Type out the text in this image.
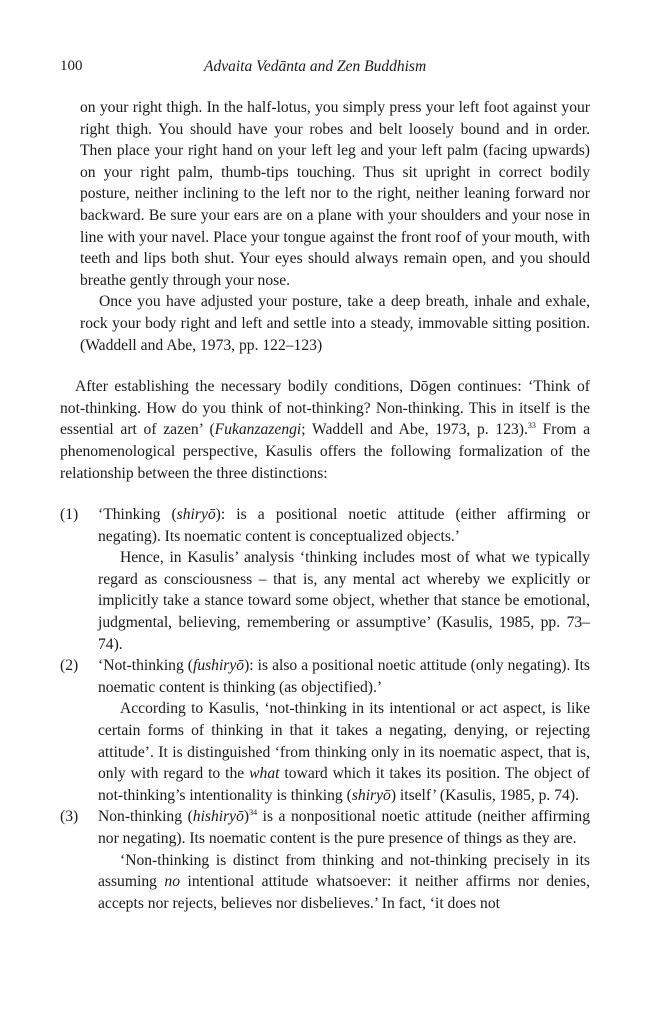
100	Advaita Vedānta and Zen Buddhism

on your right thigh. In the half-lotus, you simply press your left foot against your right thigh. You should have your robes and belt loosely bound and in order. Then place your right hand on your left leg and your left palm (facing upwards) on your right palm, thumb-tips touching. Thus sit upright in correct bodily posture, neither inclining to the left nor to the right, neither leaning forward nor backward. Be sure your ears are on a plane with your shoulders and your nose in line with your navel. Place your tongue against the front roof of your mouth, with teeth and lips both shut. Your eyes should always remain open, and you should breathe gently through your nose.

Once you have adjusted your posture, take a deep breath, inhale and exhale, rock your body right and left and settle into a steady, immovable sitting position. (Waddell and Abe, 1973, pp. 122–123)

After establishing the necessary bodily conditions, Dōgen continues: ‘Think of not-thinking. How do you think of not-thinking? Non-thinking. This in itself is the essential art of zazen’ (Fukanzazengi; Waddell and Abe, 1973, p. 123).$^{33}$ From a phenomenological perspective, Kasulis offers the following formalization of the relationship between the three distinctions:

(1) ‘Thinking (shiryō): is a positional noetic attitude (either affirming or negating). Its noematic content is conceptualized objects.’

Hence, in Kasulis’ analysis ‘thinking includes most of what we typically regard as consciousness – that is, any mental act whereby we explicitly or implicitly take a stance toward some object, whether that stance be emotional, judgmental, believing, remembering or assumptive’ (Kasulis, 1985, pp. 73–74).

(2) ‘Not-thinking (fushiryō): is also a positional noetic attitude (only negating). Its noematic content is thinking (as objectified).’

According to Kasulis, ‘not-thinking in its intentional or act aspect, is like certain forms of thinking in that it takes a negating, denying, or rejecting attitude’. It is distinguished ‘from thinking only in its noematic aspect, that is, only with regard to the what toward which it takes its position. The object of not-thinking’s intentionality is thinking (shiryō) itself’ (Kasulis, 1985, p. 74).

(3) Non-thinking (hishiryō)$^{34}$ is a nonpositional noetic attitude (neither affirming nor negating). Its noematic content is the pure presence of things as they are.

‘Non-thinking is distinct from thinking and not-thinking precisely in its assuming no intentional attitude whatsoever: it neither affirms nor denies, accepts nor rejects, believes nor disbelieves.’ In fact, ‘it does not
